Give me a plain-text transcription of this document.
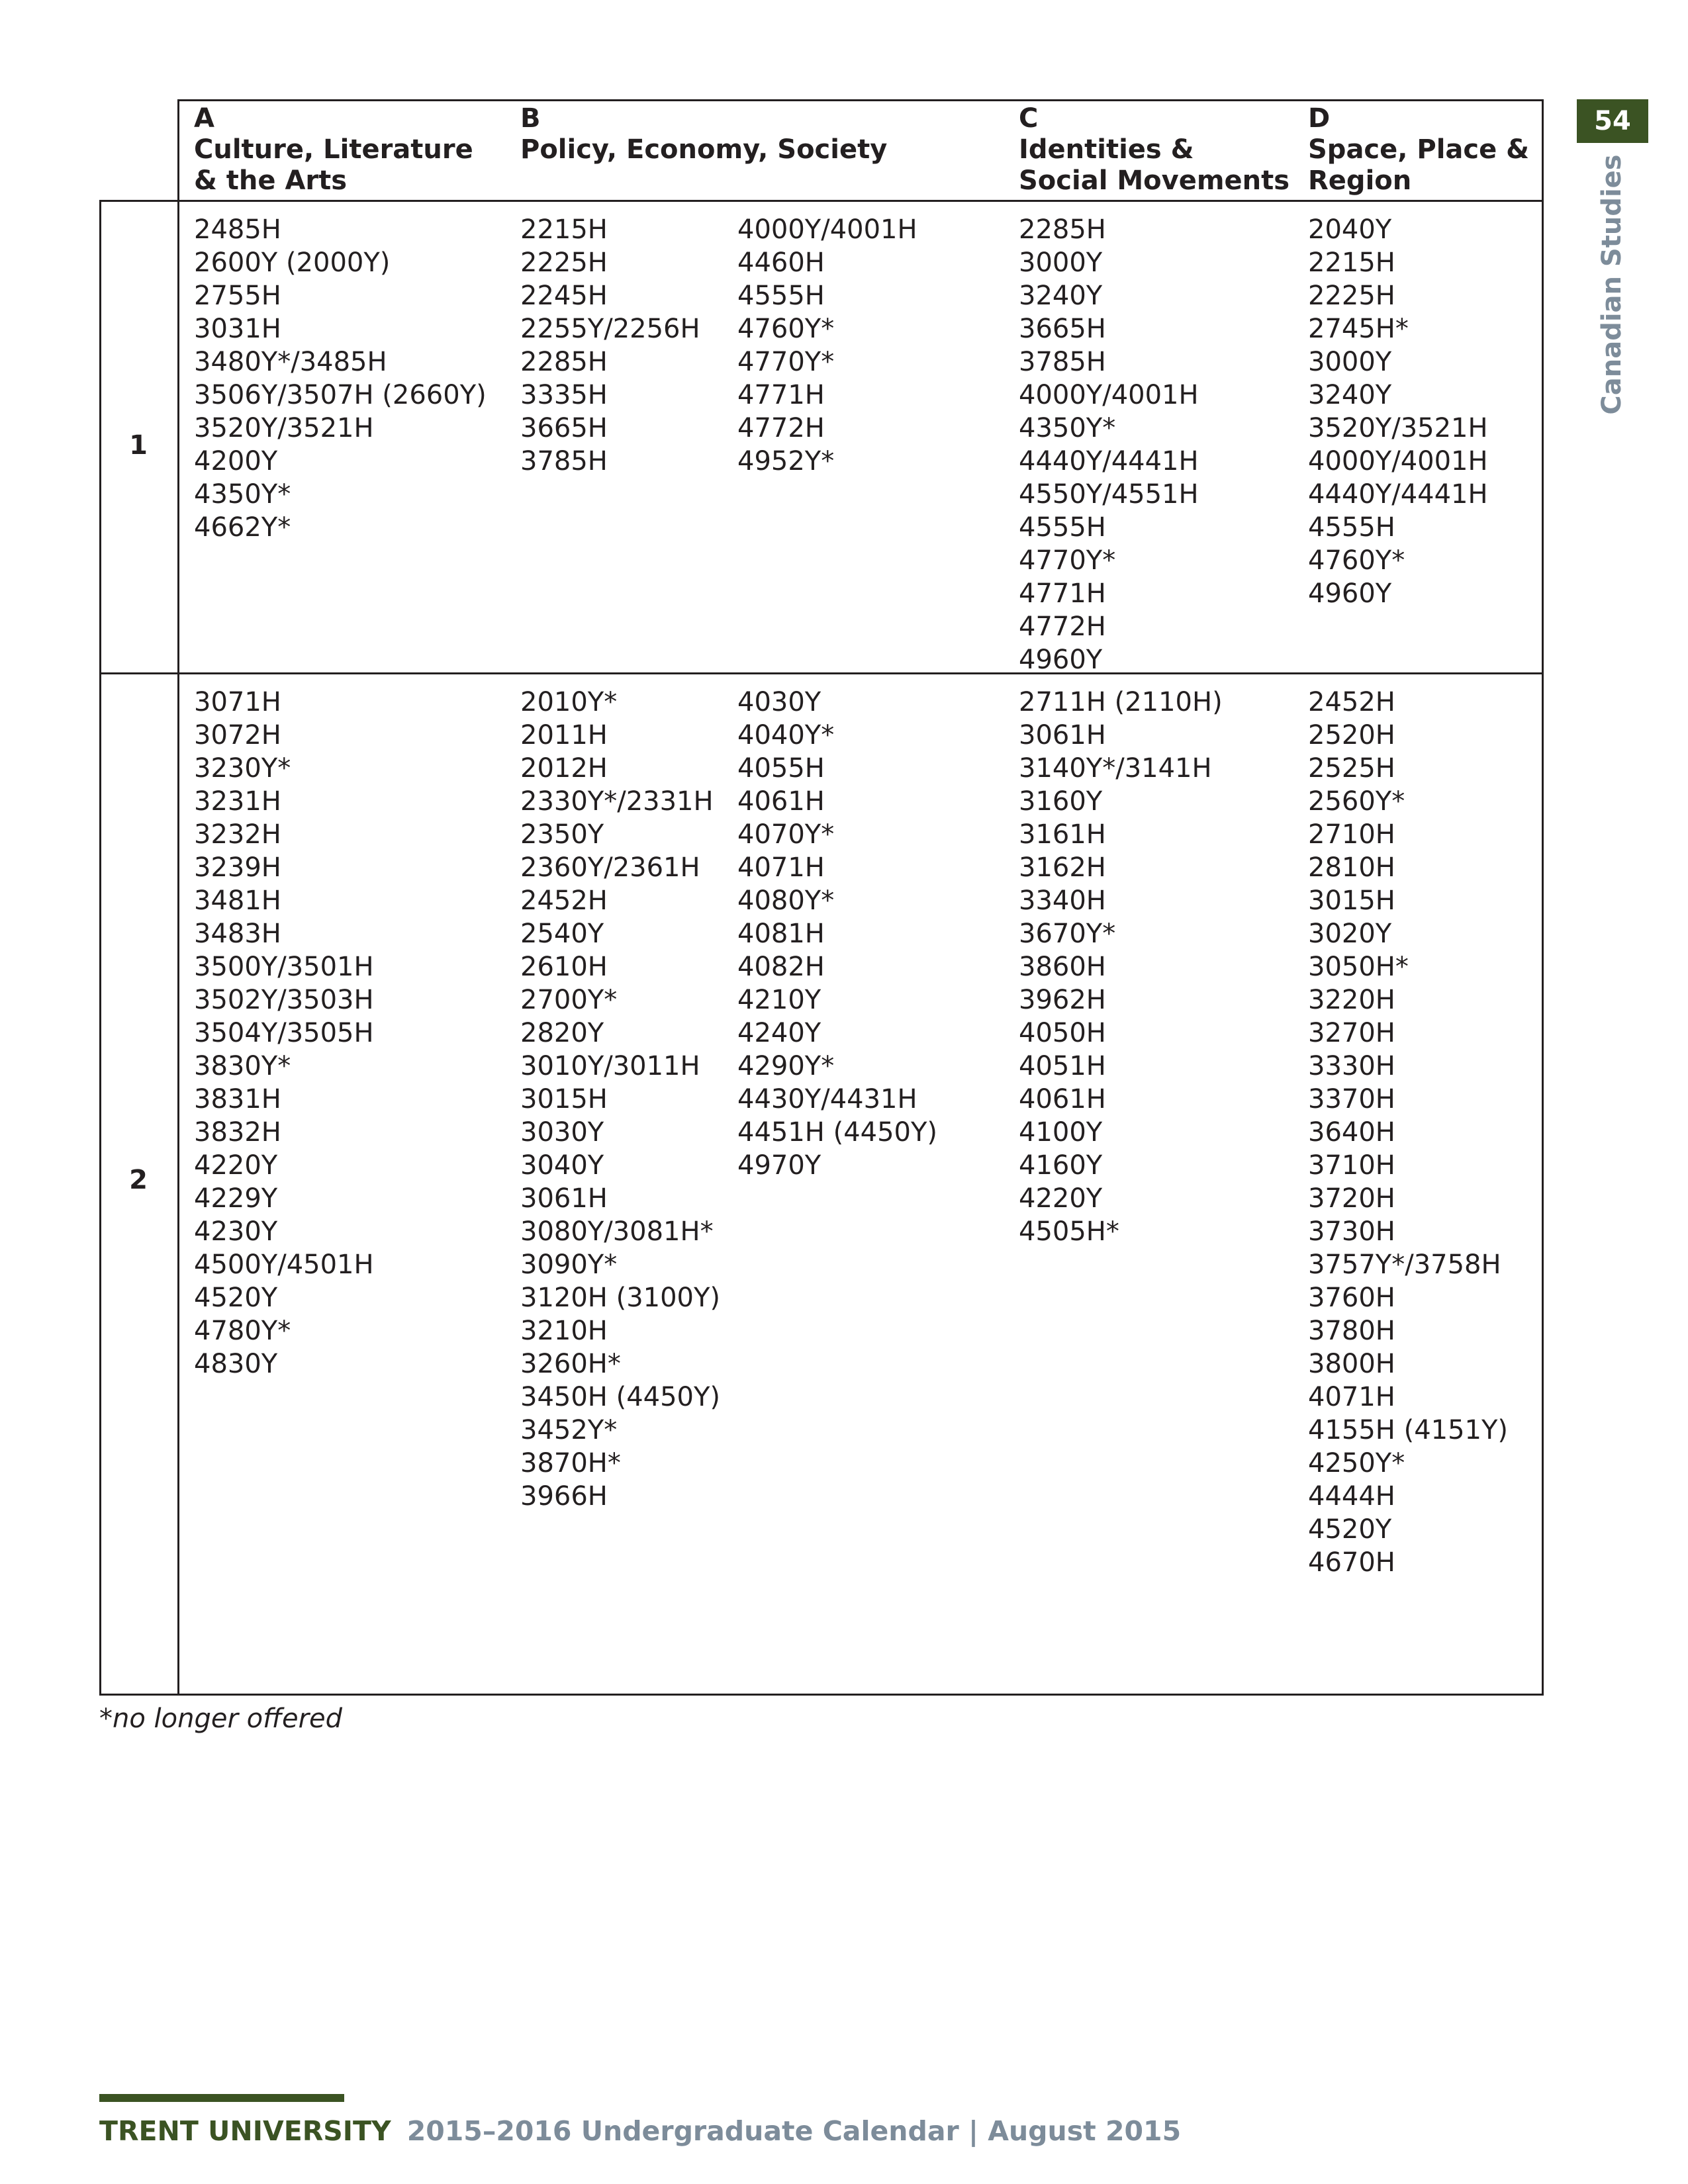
A
Culture, Literature
& the Arts
B
Policy, Economy, Society
C
Identities &
Social Movements
D
Space, Place &
Region
1
2
2485H
2600Y (2000Y)
2755H
3031H
3480Y*/3485H
3506Y/3507H (2660Y)
3520Y/3521H
4200Y
4350Y*
4662Y*
2215H
2225H
2245H
2255Y/2256H
2285H
3335H
3665H
3785H
4000Y/4001H
4460H
4555H
4760Y*
4770Y*
4771H
4772H
4952Y*
2285H
3000Y
3240Y
3665H
3785H
4000Y/4001H
4350Y*
4440Y/4441H
4550Y/4551H
4555H
4770Y*
4771H
4772H
4960Y
2040Y
2215H
2225H
2745H*
3000Y
3240Y
3520Y/3521H
4000Y/4001H
4440Y/4441H
4555H
4760Y*
4960Y
3071H
3072H
3230Y*
3231H
3232H
3239H
3481H
3483H
3500Y/3501H
3502Y/3503H
3504Y/3505H
3830Y*
3831H
3832H
4220Y
4229Y
4230Y
4500Y/4501H
4520Y
4780Y*
4830Y
2010Y*
2011H
2012H
2330Y*/2331H
2350Y
2360Y/2361H
2452H
2540Y
2610H
2700Y*
2820Y
3010Y/3011H
3015H
3030Y
3040Y
3061H
3080Y/3081H*
3090Y*
3120H (3100Y)
3210H
3260H*
3450H (4450Y)
3452Y*
3870H*
3966H
4030Y
4040Y*
4055H
4061H
4070Y*
4071H
4080Y*
4081H
4082H
4210Y
4240Y
4290Y*
4430Y/4431H
4451H (4450Y)
4970Y
2711H (2110H)
3061H
3140Y*/3141H
3160Y
3161H
3162H
3340H
3670Y*
3860H
3962H
4050H
4051H
4061H
4100Y
4160Y
4220Y
4505H*
2452H
2520H
2525H
2560Y*
2710H
2810H
3015H
3020Y
3050H*
3220H
3270H
3330H
3370H
3640H
3710H
3720H
3730H
3757Y*/3758H
3760H
3780H
3800H
4071H
4155H (4151Y)
4250Y*
4444H
4520Y
4670H
*no longer offered
54
Canadian Studies
TRENT UNIVERSITY 2015–2016 Undergraduate Calendar | August 2015
